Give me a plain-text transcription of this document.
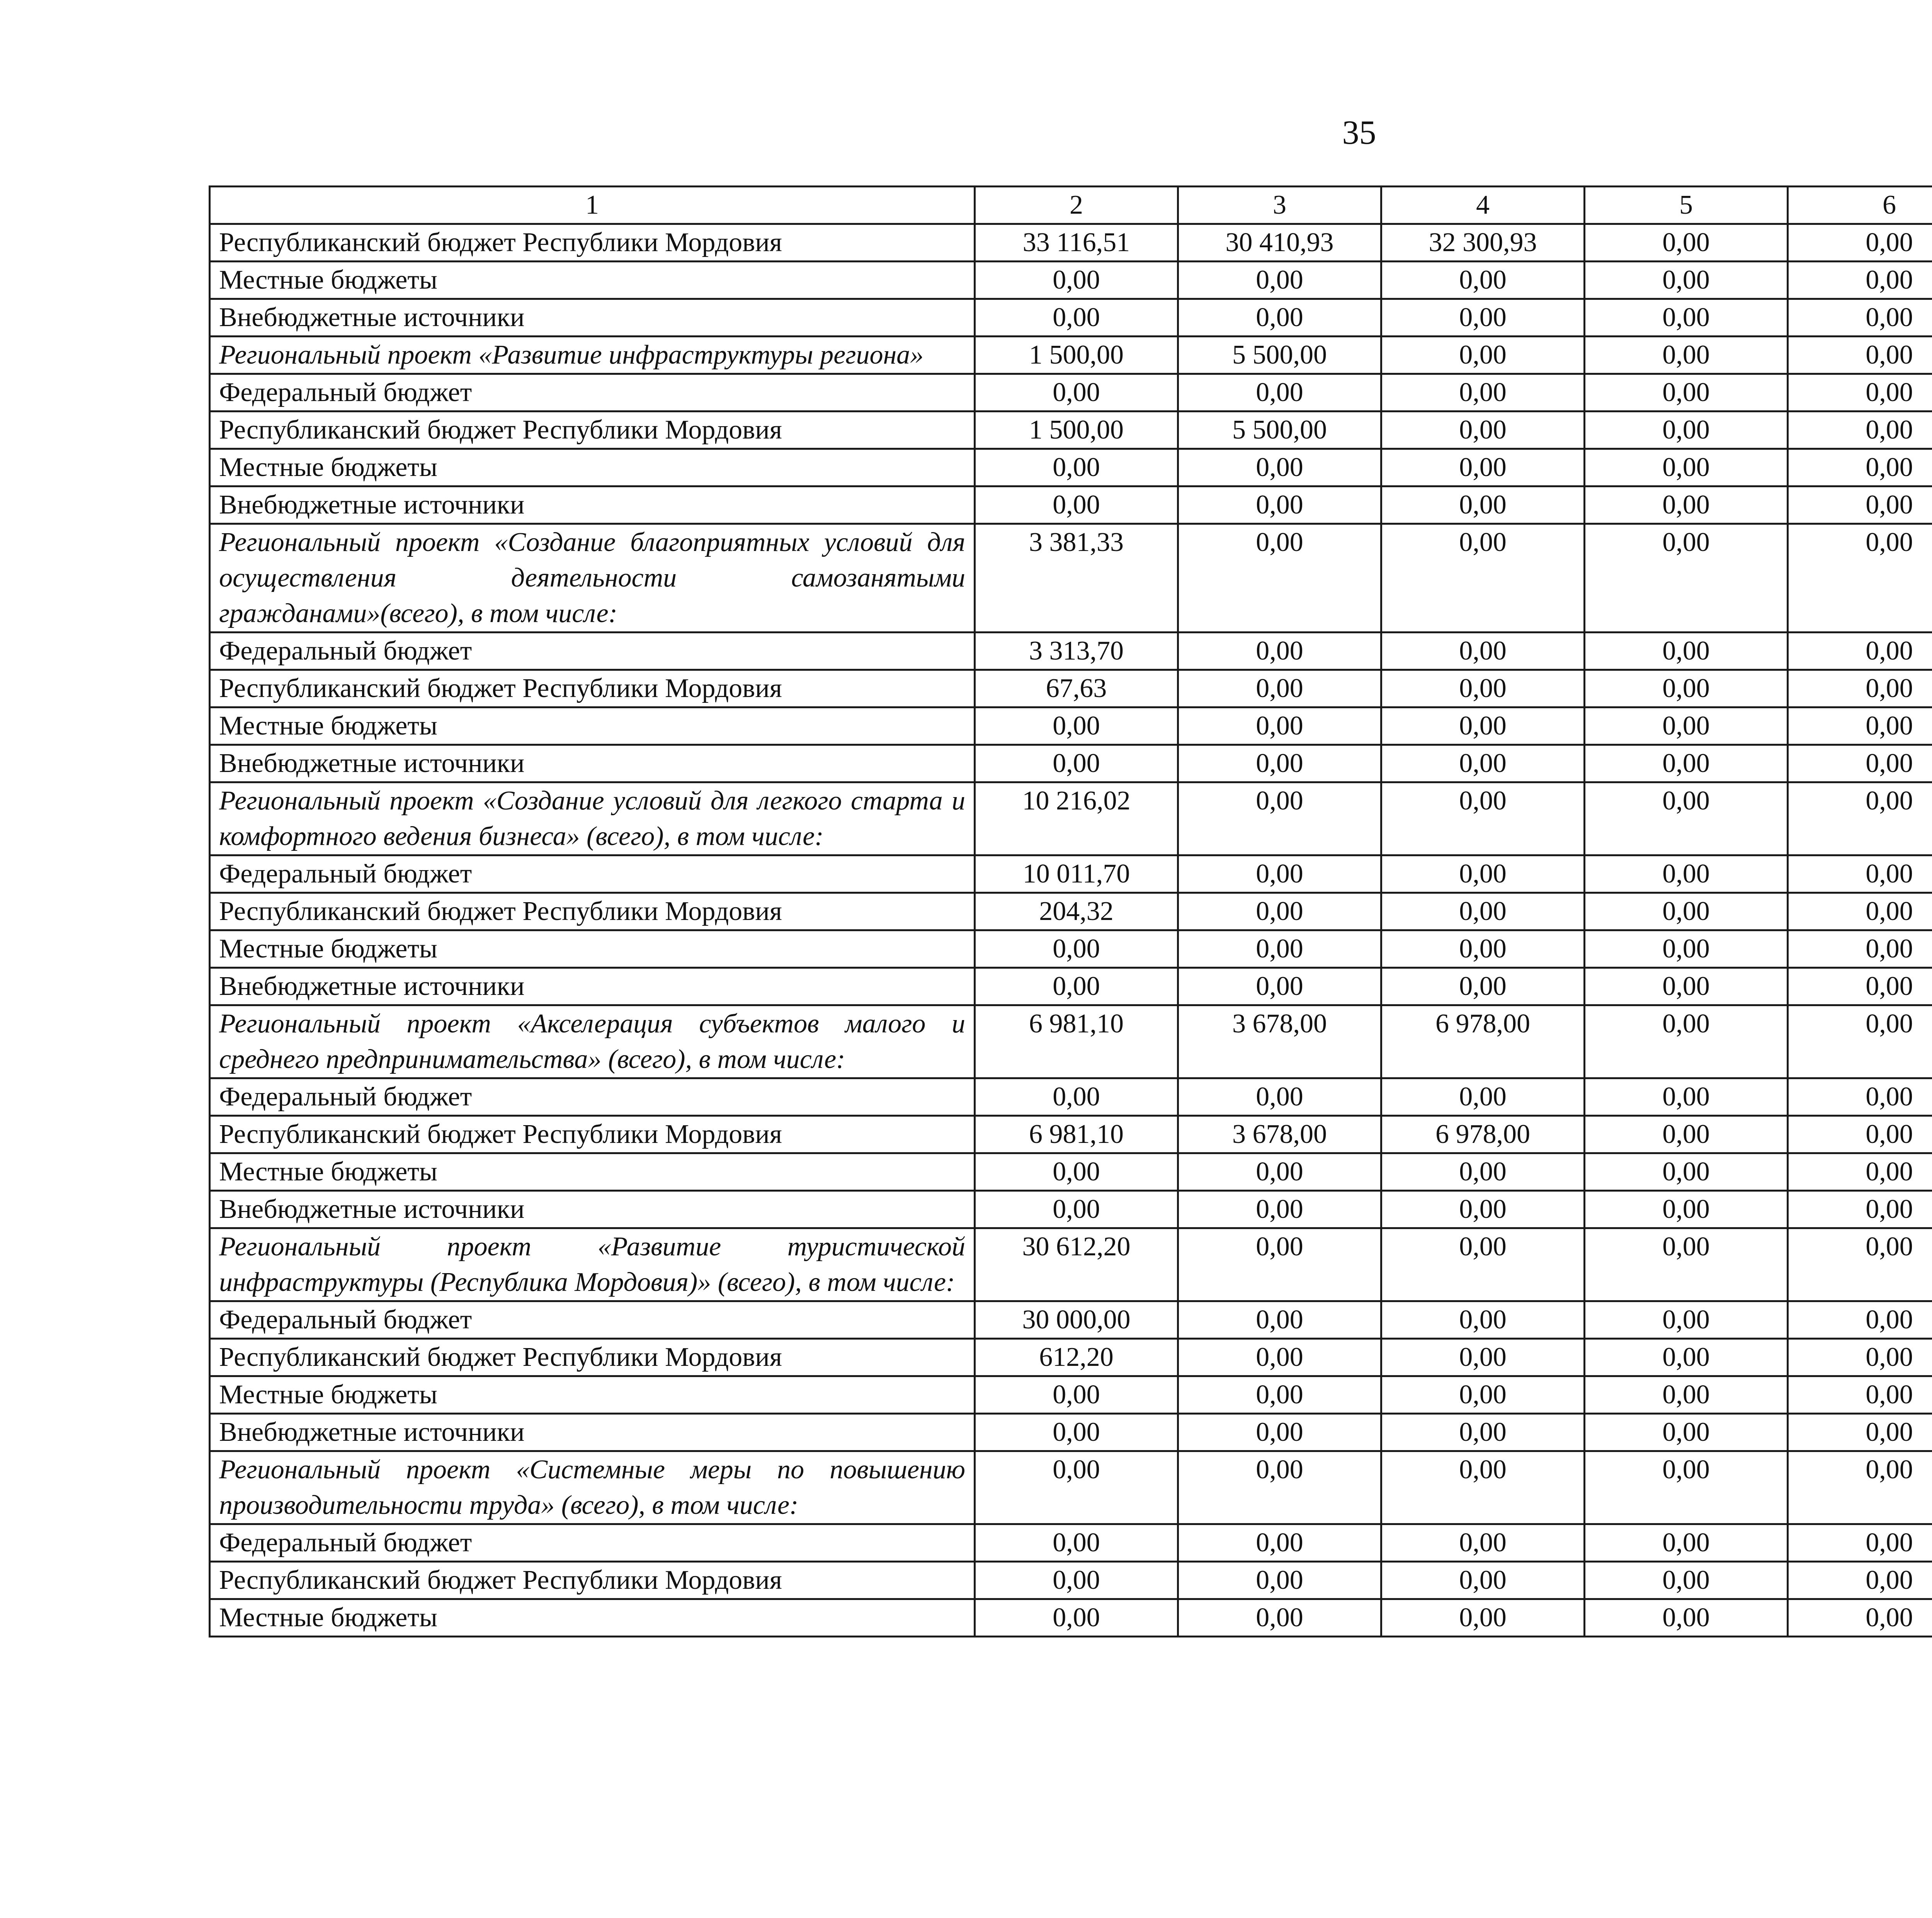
35
1	2	3	4	5	6			
Республиканский бюджет Республики Мордовия	33 116,51	30 410,93	32 300,93	0,00	0,00			
Местные бюджеты	0,00	0,00	0,00	0,00	0,00			
Внебюджетные источники	0,00	0,00	0,00	0,00	0,00			
Региональный проект «Развитие инфраструктуры региона»	1 500,00	5 500,00	0,00	0,00	0,00			
Федеральный бюджет	0,00	0,00	0,00	0,00	0,00			
Республиканский бюджет Республики Мордовия	1 500,00	5 500,00	0,00	0,00	0,00			
Местные бюджеты	0,00	0,00	0,00	0,00	0,00			
Внебюджетные источники	0,00	0,00	0,00	0,00	0,00			
Региональный проект «Создание благоприятных условий для осуществления деятельности самозанятыми гражданами»(всего), в том числе:	3 381,33	0,00	0,00	0,00	0,00			
Федеральный бюджет	3 313,70	0,00	0,00	0,00	0,00			
Республиканский бюджет Республики Мордовия	67,63	0,00	0,00	0,00	0,00			
Местные бюджеты	0,00	0,00	0,00	0,00	0,00			
Внебюджетные источники	0,00	0,00	0,00	0,00	0,00			
Региональный проект «Создание условий для легкого старта и комфортного ведения бизнеса» (всего), в том числе:	10 216,02	0,00	0,00	0,00	0,00			
Федеральный бюджет	10 011,70	0,00	0,00	0,00	0,00			
Республиканский бюджет Республики Мордовия	204,32	0,00	0,00	0,00	0,00			
Местные бюджеты	0,00	0,00	0,00	0,00	0,00			
Внебюджетные источники	0,00	0,00	0,00	0,00	0,00			
Региональный проект «Акселерация субъектов малого и среднего предпринимательства» (всего), в том числе:	6 981,10	3 678,00	6 978,00	0,00	0,00			
Федеральный бюджет	0,00	0,00	0,00	0,00	0,00			
Республиканский бюджет Республики Мордовия	6 981,10	3 678,00	6 978,00	0,00	0,00			
Местные бюджеты	0,00	0,00	0,00	0,00	0,00			
Внебюджетные источники	0,00	0,00	0,00	0,00	0,00			
Региональный проект «Развитие туристической инфраструктуры (Республика Мордовия)» (всего), в том числе:	30 612,20	0,00	0,00	0,00	0,00			
Федеральный бюджет	30 000,00	0,00	0,00	0,00	0,00			
Республиканский бюджет Республики Мордовия	612,20	0,00	0,00	0,00	0,00			
Местные бюджеты	0,00	0,00	0,00	0,00	0,00			
Внебюджетные источники	0,00	0,00	0,00	0,00	0,00			
Региональный проект «Системные меры по повышению производительности труда» (всего), в том числе:	0,00	0,00	0,00	0,00	0,00			
Федеральный бюджет	0,00	0,00	0,00	0,00	0,00			
Республиканский бюджет Республики Мордовия	0,00	0,00	0,00	0,00	0,00			
Местные бюджеты	0,00	0,00	0,00	0,00	0,00			
